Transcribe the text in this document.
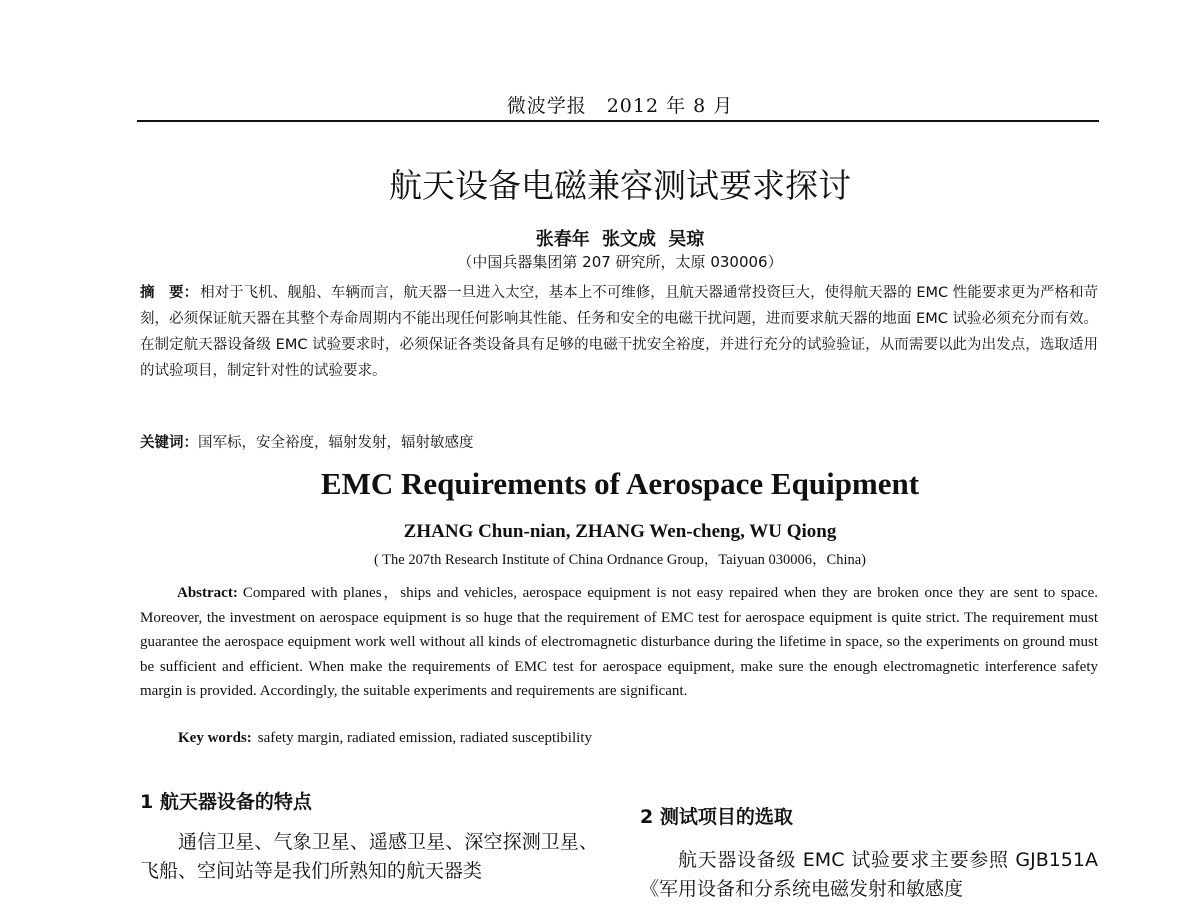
微波学报　2012 年 8 月
航天设备电磁兼容测试要求探讨
张春年 张文成 吴琼
（中国兵器集团第 207 研究所，太原 030006）
摘　要： 相对于飞机、舰船、车辆而言，航天器一旦进入太空，基本上不可维修，且航天器通常投资巨大，使得航天器的 EMC 性能要求更为严格和苛刻，必须保证航天器在其整个寿命周期内不能出现任何影响其性能、任务和安全的电磁干扰问题，进而要求航天器的地面 EMC 试验必须充分而有效。在制定航天器设备级 EMC 试验要求时，必须保证各类设备具有足够的电磁干扰安全裕度，并进行充分的试验验证，从而需要以此为出发点，选取适用的试验项目，制定针对性的试验要求。
关键词：国军标，安全裕度，辐射发射，辐射敏感度
EMC Requirements of Aerospace Equipment
ZHANG Chun-nian, ZHANG Wen-cheng, WU Qiong
( The 207th Research Institute of China Ordnance Group，Taiyuan 030006，China)
Abstract: Compared with planes，ships and vehicles, aerospace equipment is not easy repaired when they are broken once they are sent to space. Moreover, the investment on aerospace equipment is so huge that the requirement of EMC test for aerospace equipment is quite strict. The requirement must guarantee the aerospace equipment work well without all kinds of electromagnetic disturbance during the lifetime in space, so the experiments on ground must be sufficient and efficient. When make the requirements of EMC test for aerospace equipment, make sure the enough electromagnetic interference safety margin is provided. Accordingly, the suitable experiments and requirements are significant.
Key words: safety margin, radiated emission, radiated susceptibility
1 航天器设备的特点
通信卫星、气象卫星、遥感卫星、深空探测卫星、飞船、空间站等是我们所熟知的航天器类
2 测试项目的选取
航天器设备级 EMC 试验要求主要参照 GJB151A《军用设备和分系统电磁发射和敏感度
